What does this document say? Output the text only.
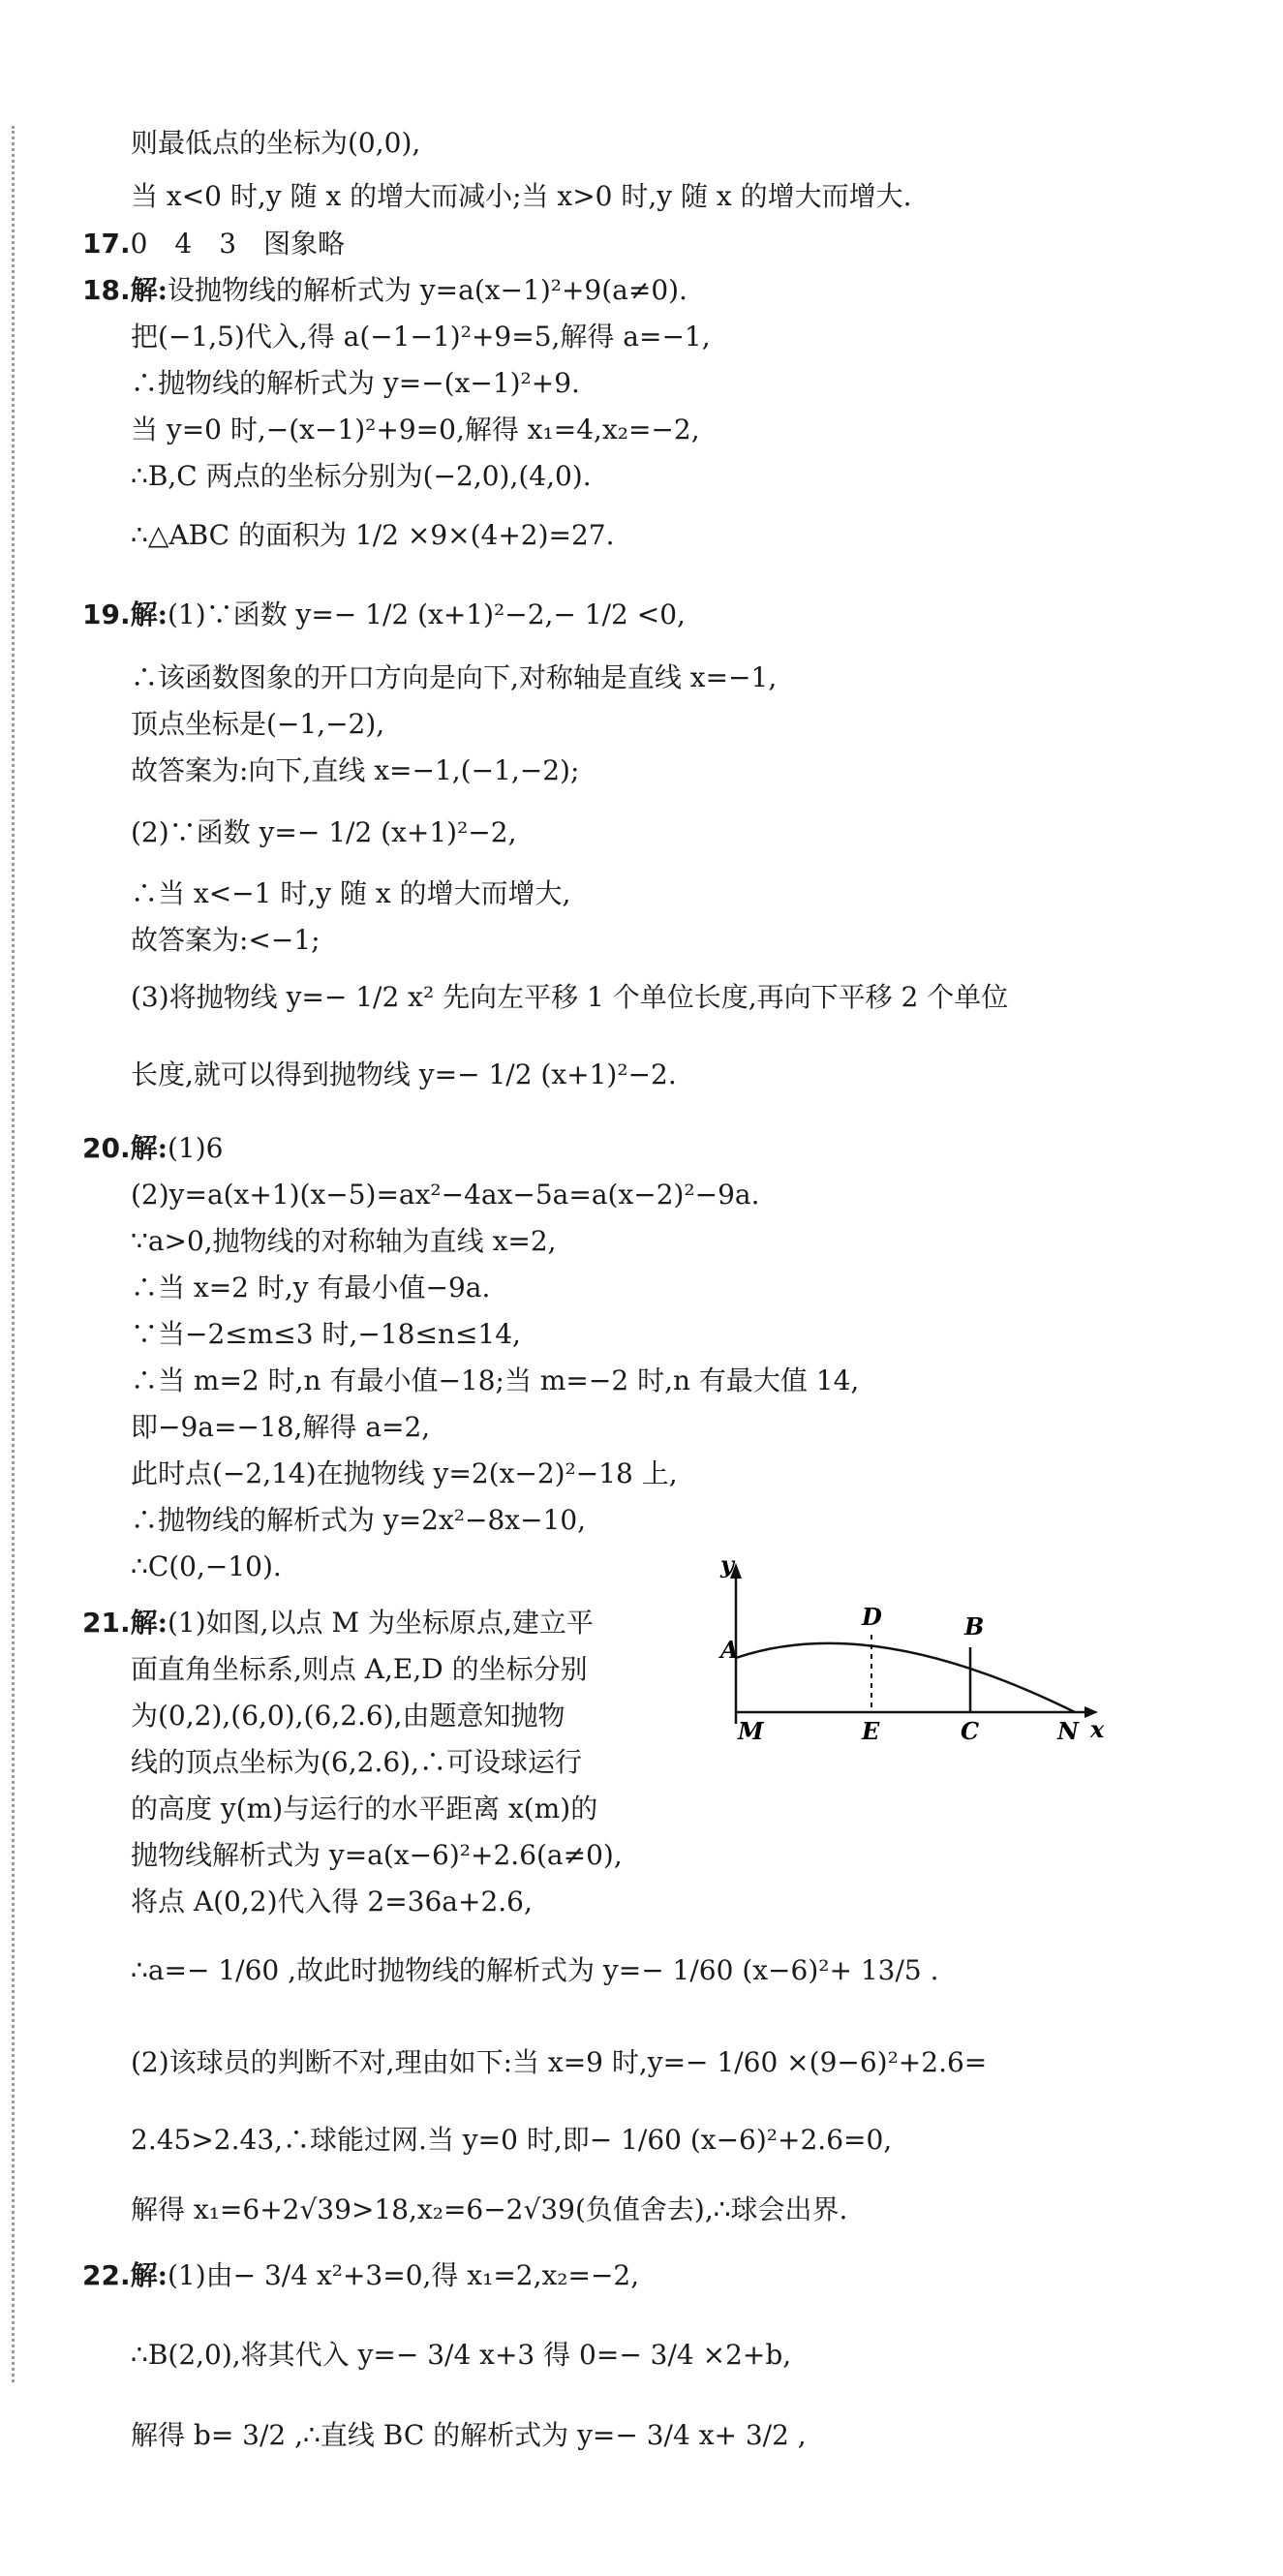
则最低点的坐标为(0,0),
当 x<0 时,y 随 x 的增大而减小;当 x>0 时,y 随 x 的增大而增大.
17.0　4　3　图象略
18.解:设抛物线的解析式为 y=a(x−1)²+9(a≠0).
把(−1,5)代入,得 a(−1−1)²+9=5,解得 a=−1,
∴抛物线的解析式为 y=−(x−1)²+9.
当 y=0 时,−(x−1)²+9=0,解得 x₁=4,x₂=−2,
∴B,C 两点的坐标分别为(−2,0),(4,0).
∴△ABC 的面积为 1/2 ×9×(4+2)=27.
19.解:(1)∵函数 y=− 1/2 (x+1)²−2,− 1/2 <0,
∴该函数图象的开口方向是向下,对称轴是直线 x=−1,
顶点坐标是(−1,−2),
故答案为:向下,直线 x=−1,(−1,−2);
(2)∵函数 y=− 1/2 (x+1)²−2,
∴当 x<−1 时,y 随 x 的增大而增大,
故答案为:<−1;
(3)将抛物线 y=− 1/2 x² 先向左平移 1 个单位长度,再向下平移 2 个单位
长度,就可以得到抛物线 y=− 1/2 (x+1)²−2.
20.解:(1)6
(2)y=a(x+1)(x−5)=ax²−4ax−5a=a(x−2)²−9a.
∵a>0,抛物线的对称轴为直线 x=2,
∴当 x=2 时,y 有最小值−9a.
∵当−2≤m≤3 时,−18≤n≤14,
∴当 m=2 时,n 有最小值−18;当 m=−2 时,n 有最大值 14,
即−9a=−18,解得 a=2,
此时点(−2,14)在抛物线 y=2(x−2)²−18 上,
∴抛物线的解析式为 y=2x²−8x−10,
∴C(0,−10).
21.解:(1)如图,以点 M 为坐标原点,建立平
面直角坐标系,则点 A,E,D 的坐标分别
为(0,2),(6,0),(6,2.6),由题意知抛物
线的顶点坐标为(6,2.6),∴可设球运行
的高度 y(m)与运行的水平距离 x(m)的
抛物线解析式为 y=a(x−6)²+2.6(a≠0),
将点 A(0,2)代入得 2=36a+2.6,
∴a=− 1/60 ,故此时抛物线的解析式为 y=− 1/60 (x−6)²+ 13/5 .
(2)该球员的判断不对,理由如下:当 x=9 时,y=− 1/60 ×(9−6)²+2.6=
2.45>2.43,∴球能过网.当 y=0 时,即− 1/60 (x−6)²+2.6=0,
解得 x₁=6+2√39>18,x₂=6−2√39(负值舍去),∴球会出界.
22.解:(1)由− 3/4 x²+3=0,得 x₁=2,x₂=−2,
∴B(2,0),将其代入 y=− 3/4 x+3 得 0=− 3/4 ×2+b,
解得 b= 3/2 ,∴直线 BC 的解析式为 y=− 3/4 x+ 3/2 ,
y
x
A
D	B
M	E	C	N
